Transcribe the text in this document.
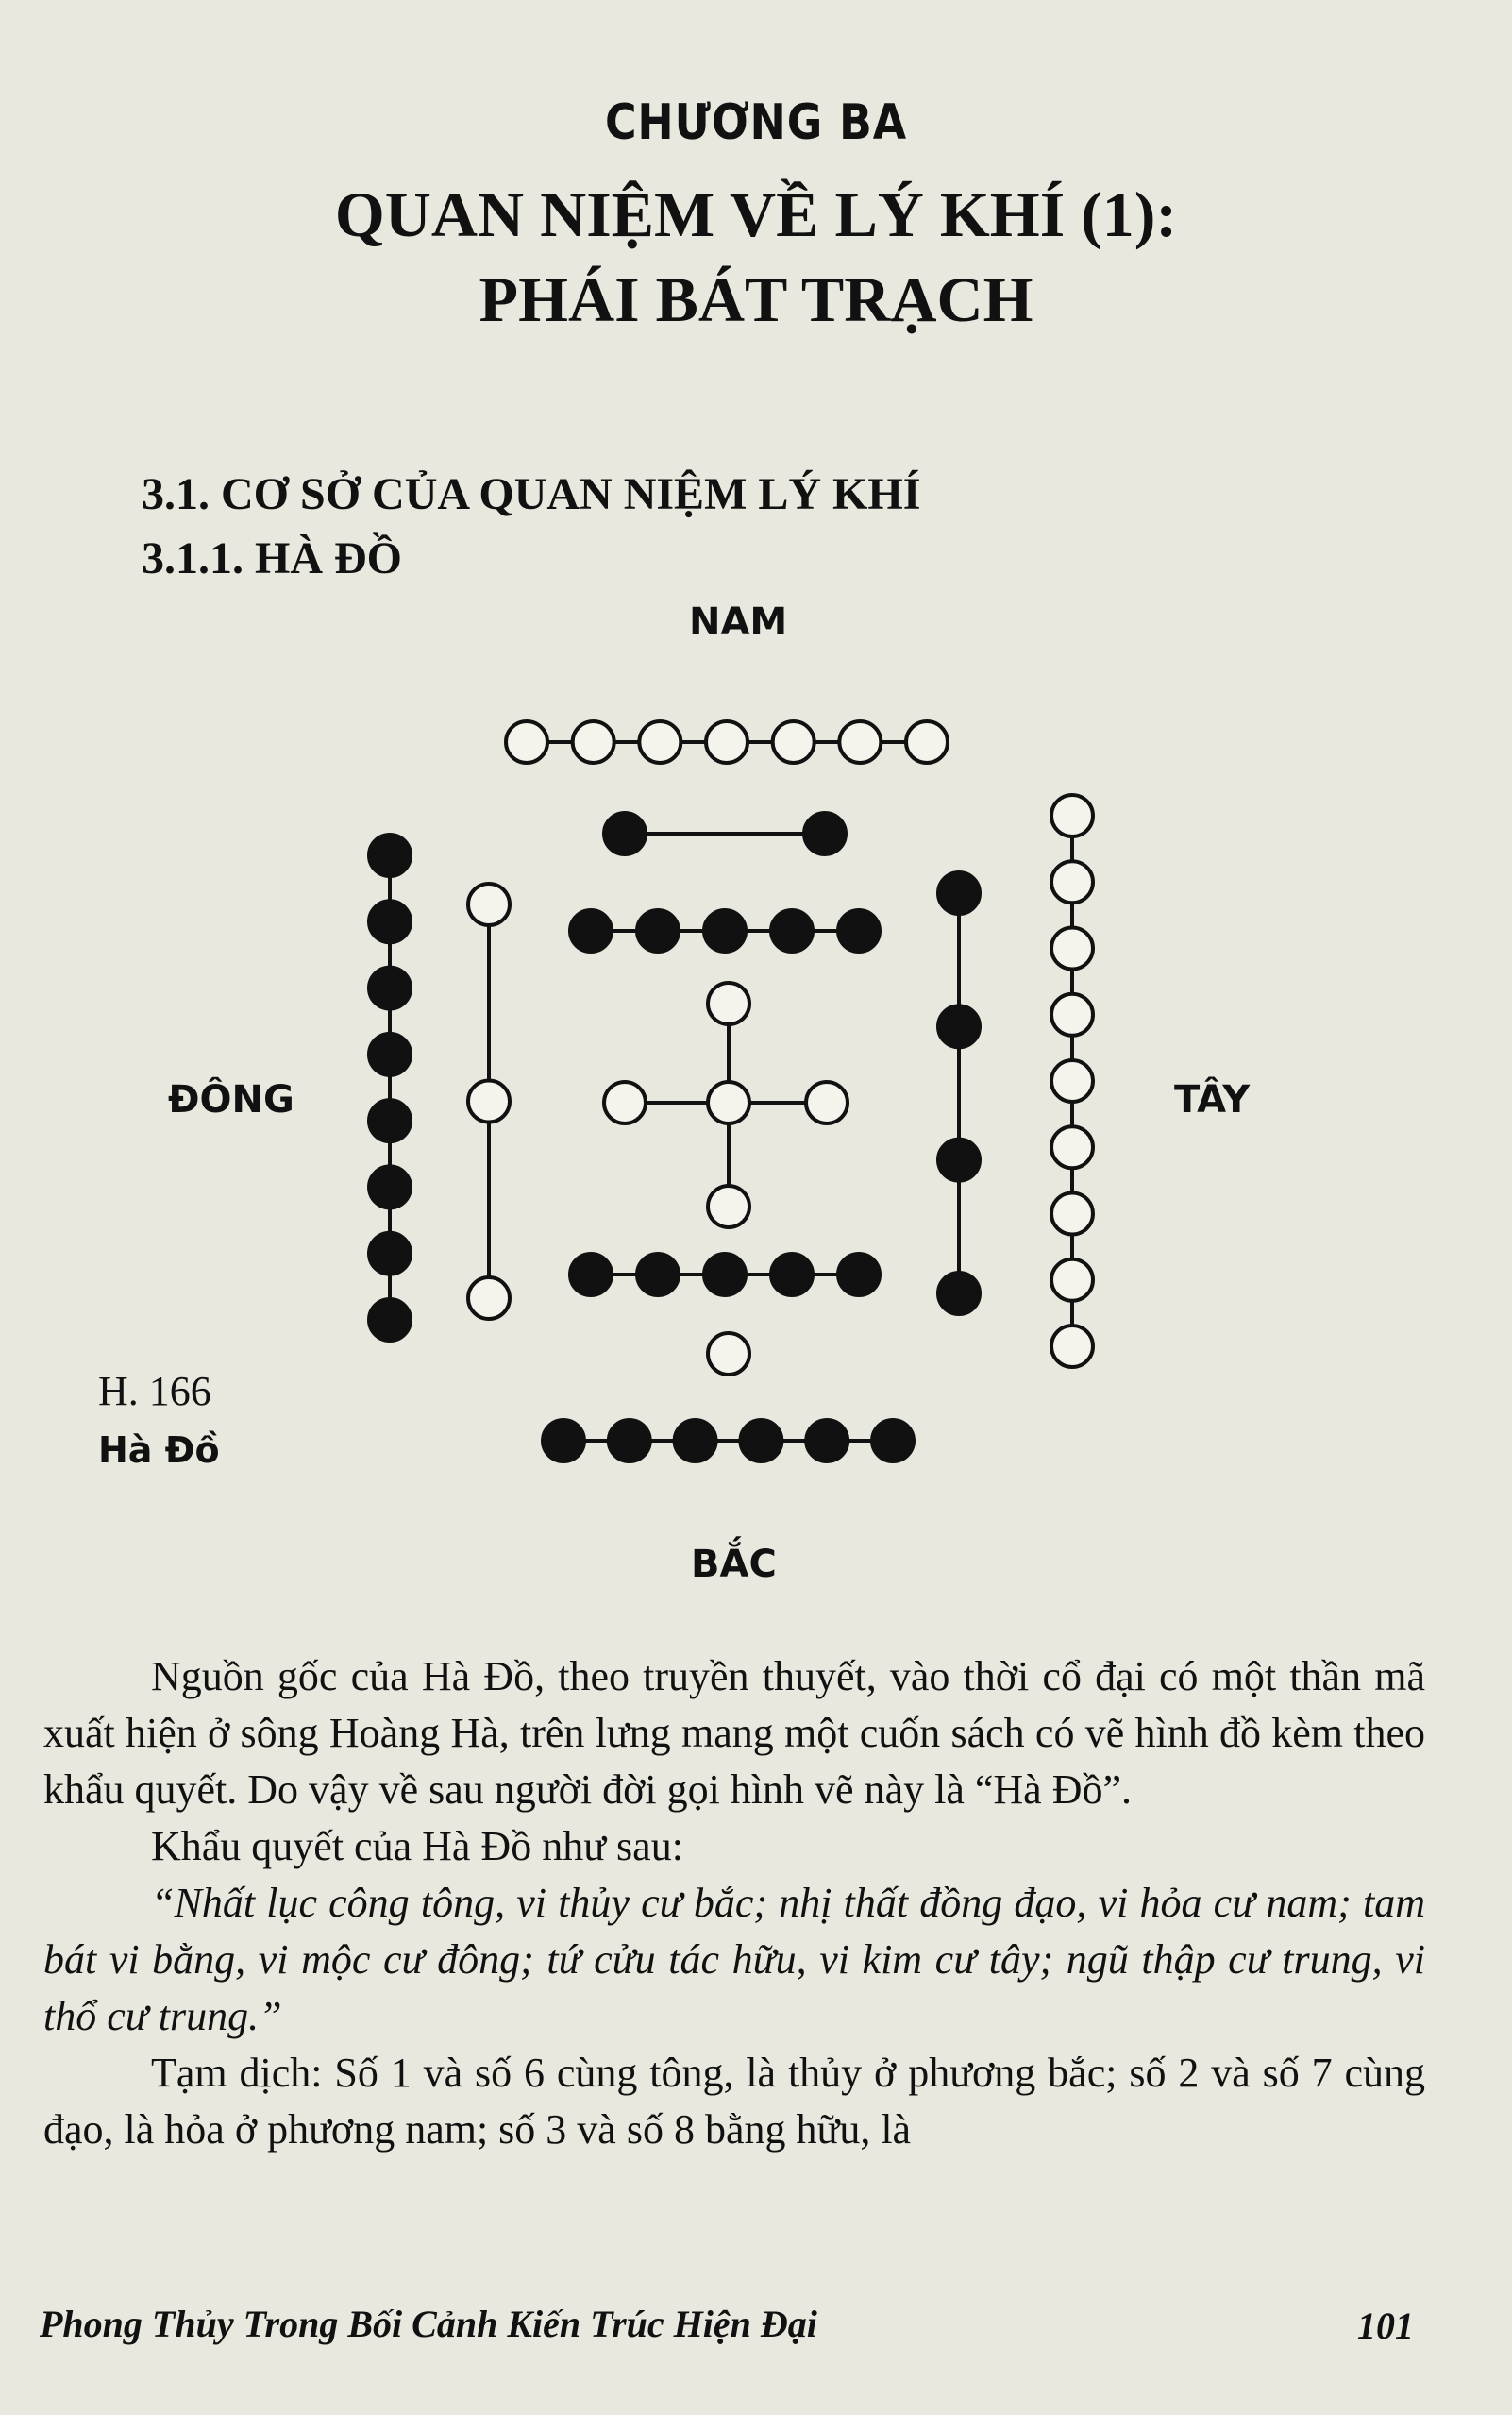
CHƯƠNG BA
QUAN NIỆM VỀ LÝ KHÍ (1):
PHÁI BÁT TRẠCH
3.1. CƠ SỞ CỦA QUAN NIỆM LÝ KHÍ
3.1.1. HÀ ĐỒ
NAM
ĐÔNG	TÂY
BẮC
H. 166
Hà Đồ

Nguồn gốc của Hà Đồ, theo truyền thuyết, vào thời cổ đại có một thần mã xuất hiện ở sông Hoàng Hà, trên lưng mang một cuốn sách có vẽ hình đồ kèm theo khẩu quyết. Do vậy về sau người đời gọi hình vẽ này là “Hà Đồ”.

Khẩu quyết của Hà Đồ như sau:

“Nhất lục công tông, vi thủy cư bắc; nhị thất đồng đạo, vi hỏa cư nam; tam bát vi bằng, vi mộc cư đông; tứ cửu tác hữu, vi kim cư tây; ngũ thập cư trung, vi thổ cư trung.”

Tạm dịch: Số 1 và số 6 cùng tông, là thủy ở phương bắc; số 2 và số 7 cùng đạo, là hỏa ở phương nam; số 3 và số 8 bằng hữu, là

Phong Thủy Trong Bối Cảnh Kiến Trúc Hiện Đại	101
